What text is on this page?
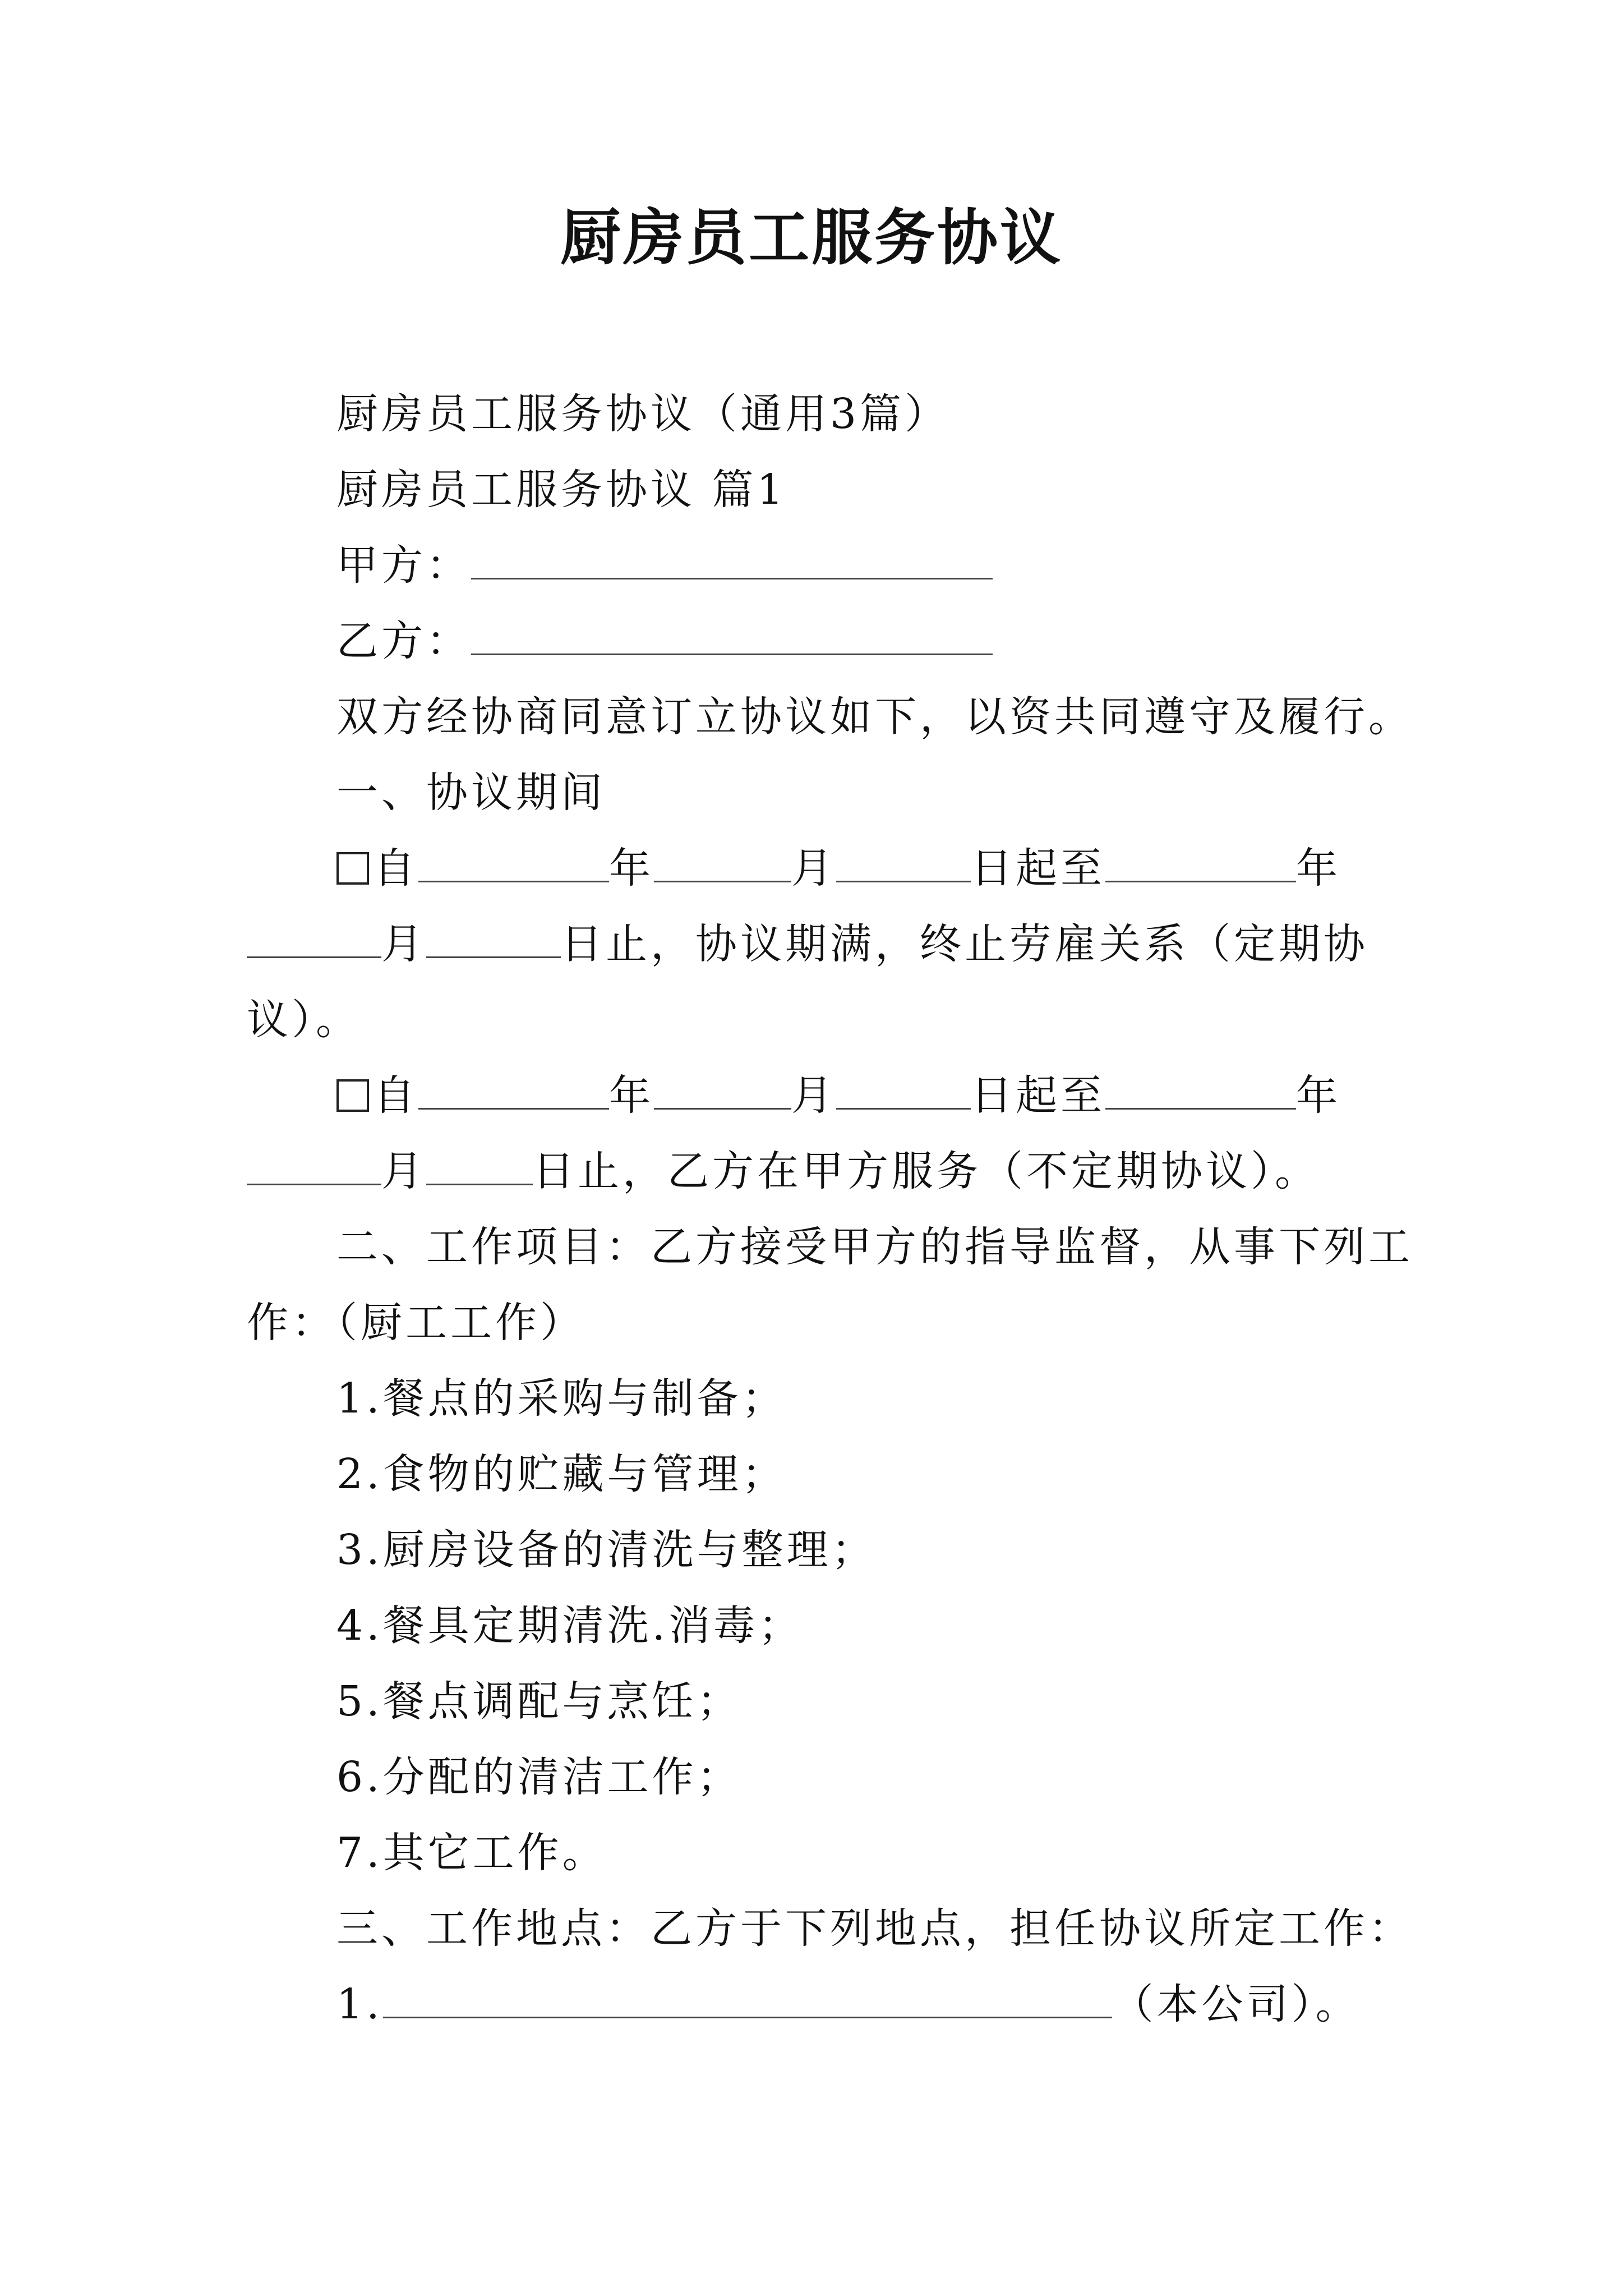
厨房员工服务协议
厨房员工服务协议（通用3篇）
厨房员工服务协议 篇1
甲方：
乙方：
双方经协商同意订立协议如下，以资共同遵守及履行。
一、协议期间
自	年	月	日起至	年
月	日止，协议期满，终止劳雇关系（定期协
议）。
自	年	月	日起至	年
月	日止，乙方在甲方服务（不定期协议）。
二、工作项目：乙方接受甲方的指导监督，从事下列工
作：（厨工工作）
1.餐点的采购与制备；
2.食物的贮藏与管理；
3.厨房设备的清洗与整理；
4.餐具定期清洗.消毒；
5.餐点调配与烹饪；
6.分配的清洁工作；
7.其它工作。
三、工作地点：乙方于下列地点，担任协议所定工作：
1.	（本公司）。
